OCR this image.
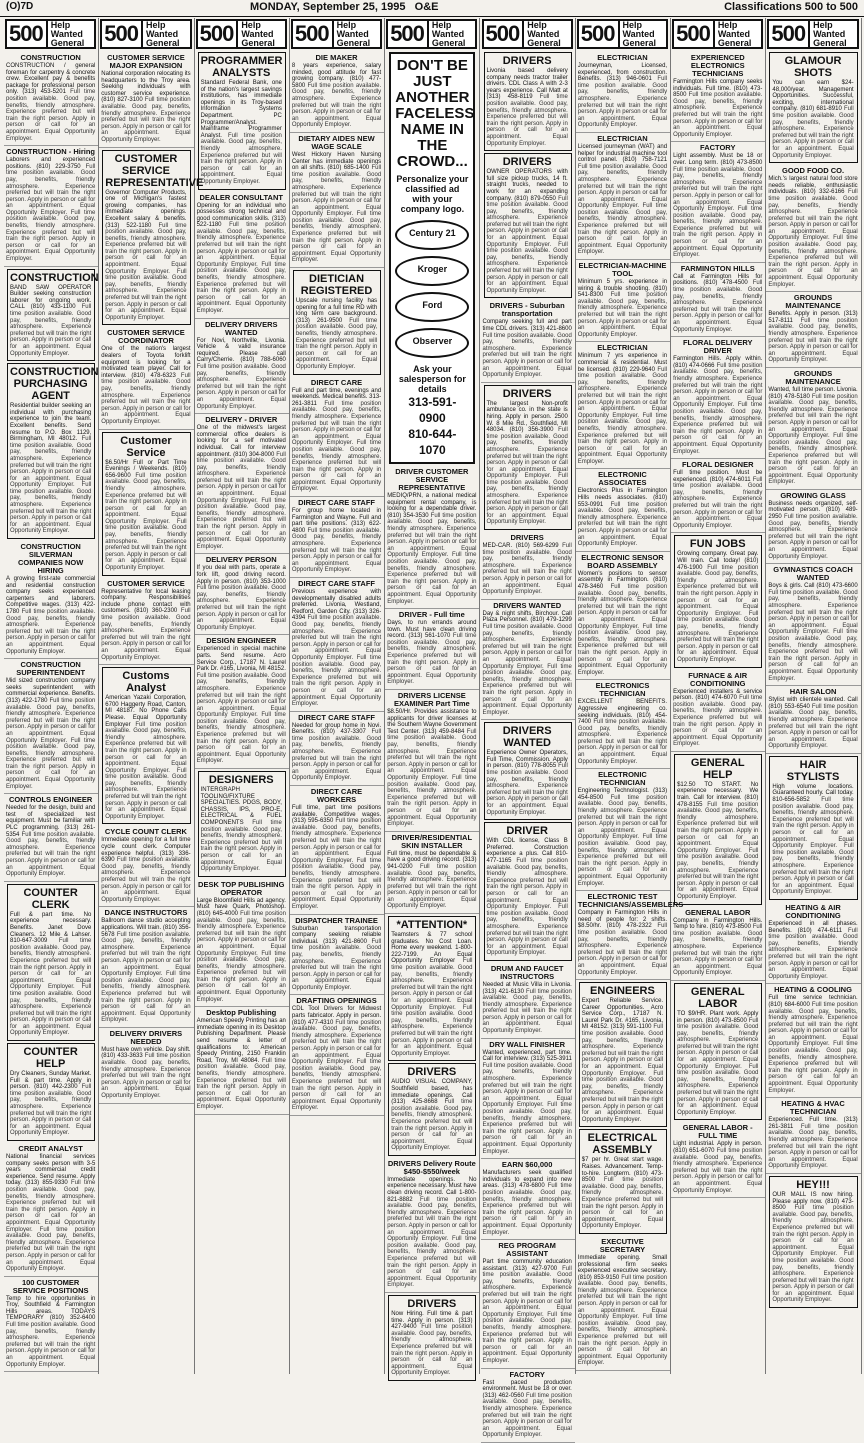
(O)7D	MONDAY, September 25, 1995 O&E	Classifications 500 to 500
500 Help Wanted
General
CONSTRUCTION
CONSTRUCTION / general foreman for carpentry & concrete crew. Excellent pay & benefits package for professional person only. (313) 453-5201 Full time position available. Good pay, benefits, friendly atmosphere. Experience preferred but will train the right person. Apply in person or call for an appointment. Equal Opportunity Employer.
CONSTRUCTION - Hiring
Laborers and experienced positions. (810) 229-3750 Full time position available. Good pay, benefits, friendly atmosphere. Experience preferred but will train the right person. Apply in person or call for an appointment. Equal Opportunity Employer. Full time position available. Good pay, benefits, friendly atmosphere. Experience preferred but will train the right person. Apply in person or call for an appointment. Equal Opportunity Employer.
CONSTRUCTION
BAND SAW OPERATOR Builder seeking construction laborer for ongoing work. CALL (810) 433-1100 Full time position available. Good pay, benefits, friendly atmosphere. Experience preferred but will train the right person. Apply in person or call for an appointment. Equal Opportunity Employer.
CONSTRUCTION PURCHASING AGENT
Residential builder seeking an individual with purchasing experience to join the team. Excellent benefits. Send resume to P.O. Box 1129, Birmingham, MI 48012. Full time position available. Good pay, benefits, friendly atmosphere. Experience preferred but will train the right person. Apply in person or call for an appointment. Equal Opportunity Employer. Full time position available. Good pay, benefits, friendly atmosphere. Experience preferred but will train the right person. Apply in person or call for an appointment. Equal Opportunity Employer.
CONSTRUCTION SILVERMAN COMPANIES NOW HIRING
A growing first-rate commercial and residential construction company seeks experienced carpenters and laborers. Competitive wages. (313) 422-1780 Full time position available. Good pay, benefits, friendly atmosphere. Experience preferred but will train the right person. Apply in person or call for an appointment. Equal Opportunity Employer.
CONSTRUCTION SUPERINTENDENT
Mid sized construction company seeks superintendent with commercial experience. Benefits. (313) 422-1780 Full time position available. Good pay, benefits, friendly atmosphere. Experience preferred but will train the right person. Apply in person or call for an appointment. Equal Opportunity Employer. Full time position available. Good pay, benefits, friendly atmosphere. Experience preferred but will train the right person. Apply in person or call for an appointment. Equal Opportunity Employer.
CONTROLS ENGINEER
Needed for the design, build and test of specialized test equipment. Must be familiar with PLC programming. (313) 261-5354 Full time position available. Good pay, benefits, friendly atmosphere. Experience preferred but will train the right person. Apply in person or call for an appointment. Equal Opportunity Employer.
COUNTER CLERK
Full & part time. No experience necessary. Benefits. Janet Dove Cleaners. 12 Mile & Lahser. 810-647-3009 Full time position available. Good pay, benefits, friendly atmosphere. Experience preferred but will train the right person. Apply in person or call for an appointment. Equal Opportunity Employer. Full time position available. Good pay, benefits, friendly atmosphere. Experience preferred but will train the right person. Apply in person or call for an appointment. Equal Opportunity Employer.
COUNTER HELP
Dry Cleaners, Sunday Market. Full & part time. Apply in person. (810) 442-2300 Full time position available. Good pay, benefits, friendly atmosphere. Experience preferred but will train the right person. Apply in person or call for an appointment. Equal Opportunity Employer.
CREDIT ANALYST
National financial services company seeks person with 3-5 years commercial credit experience. Send resume. Apply today. (313) 855-9330 Full time position available. Good pay, benefits, friendly atmosphere. Experience preferred but will train the right person. Apply in person or call for an appointment. Equal Opportunity Employer. Full time position available. Good pay, benefits, friendly atmosphere. Experience preferred but will train the right person. Apply in person or call for an appointment. Equal Opportunity Employer.
100 CUSTOMER SERVICE POSITIONS
Temp to hire opportunities in Troy, Southfield & Farmington Hills areas. TODAYS TEMPORARY (810) 352-6400 Full time position available. Good pay, benefits, friendly atmosphere. Experience preferred but will train the right person. Apply in person or call for an appointment. Equal Opportunity Employer.
500 Help Wanted
General
CUSTOMER SERVICE MAJOR EXPANSION
National corporation relocating its headquarters to the Troy area. Seeking individuals with customer service experience. (810) 827-3100 Full time position available. Good pay, benefits, friendly atmosphere. Experience preferred but will train the right person. Apply in person or call for an appointment. Equal Opportunity Employer.
CUSTOMER SERVICE REPRESENTATIVE
Governor Computer Products, one of Michigan's fastest growing companies, has immediate openings. Excellent salary & benefits. (313) 522-1180 Full time position available. Good pay, benefits, friendly atmosphere. Experience preferred but will train the right person. Apply in person or call for an appointment. Equal Opportunity Employer. Full time position available. Good pay, benefits, friendly atmosphere. Experience preferred but will train the right person. Apply in person or call for an appointment. Equal Opportunity Employer.
CUSTOMER SERVICE COORDINATOR
One of the nation's largest dealers of Toyota forklift equipment is looking for a motivated team player. Call for interview. (810) 478-6323 Full time position available. Good pay, benefits, friendly atmosphere. Experience preferred but will train the right person. Apply in person or call for an appointment. Equal Opportunity Employer.
Customer Service
$6.50/Hr Full or Part Time Evenings / Weekends. (810) 656-9600 Full time position available. Good pay, benefits, friendly atmosphere. Experience preferred but will train the right person. Apply in person or call for an appointment. Equal Opportunity Employer. Full time position available. Good pay, benefits, friendly atmosphere. Experience preferred but will train the right person. Apply in person or call for an appointment. Equal Opportunity Employer.
CUSTOMER SERVICE
Representative for local leasing company. Responsibilities include phone contact with customers. (810) 360-2300 Full time position available. Good pay, benefits, friendly atmosphere. Experience preferred but will train the right person. Apply in person or call for an appointment. Equal Opportunity Employer.
Customs Analyst
American Yazaki Corporation, 6700 Haggerty Road, Canton, MI 48187. No Phone Calls Please. Equal Opportunity Employer Full time position available. Good pay, benefits, friendly atmosphere. Experience preferred but will train the right person. Apply in person or call for an appointment. Equal Opportunity Employer. Full time position available. Good pay, benefits, friendly atmosphere. Experience preferred but will train the right person. Apply in person or call for an appointment. Equal Opportunity Employer.
CYCLE COUNT CLERK
Immediate opening for a full time cycle count clerk. Computer experience helpful. (313) 336-6390 Full time position available. Good pay, benefits, friendly atmosphere. Experience preferred but will train the right person. Apply in person or call for an appointment. Equal Opportunity Employer.
DANCE INSTRUCTORS
Ballroom dance studio accepting applications. Will train. (810) 356-5678 Full time position available. Good pay, benefits, friendly atmosphere. Experience preferred but will train the right person. Apply in person or call for an appointment. Equal Opportunity Employer. Full time position available. Good pay, benefits, friendly atmosphere. Experience preferred but will train the right person. Apply in person or call for an appointment. Equal Opportunity Employer.
DELIVERY DRIVERS NEEDED
Must have own vehicle. Day shift. (810) 433-3633 Full time position available. Good pay, benefits, friendly atmosphere. Experience preferred but will train the right person. Apply in person or call for an appointment. Equal Opportunity Employer.
500 Help Wanted
General
PROGRAMMER ANALYSTS
Standard Federal Bank, one of the nation's largest savings institutions, has immediate openings in its Troy-based Information Systems Department. PC Programmer/Analyst. Mainframe Programmer Analyst. Full time position available. Good pay, benefits, friendly atmosphere. Experience preferred but will train the right person. Apply in person or call for an appointment. Equal Opportunity Employer.
DEALER CONSULTANT
Opening for an individual who possesses strong technical and good communication skills. (313) 522-1180 Full time position available. Good pay, benefits, friendly atmosphere. Experience preferred but will train the right person. Apply in person or call for an appointment. Equal Opportunity Employer. Full time position available. Good pay, benefits, friendly atmosphere. Experience preferred but will train the right person. Apply in person or call for an appointment. Equal Opportunity Employer.
DELIVERY DRIVERS WANTED
For Novi, Northville, Livonia. Vehicle & valid insurance required. Please call Carry/Cherrie. (810) 788-6060 Full time position available. Good pay, benefits, friendly atmosphere. Experience preferred but will train the right person. Apply in person or call for an appointment. Equal Opportunity Employer.
DELIVERY - DRIVER
One of the midwest's largest commercial office dealers is looking for a self motivated individual. Call for interview appointment. (810) 304-8000 Full time position available. Good pay, benefits, friendly atmosphere. Experience preferred but will train the right person. Apply in person or call for an appointment. Equal Opportunity Employer. Full time position available. Good pay, benefits, friendly atmosphere. Experience preferred but will train the right person. Apply in person or call for an appointment. Equal Opportunity Employer.
DELIVERY PERSON
If you deal with parts, operate a fork lift, good driving record. Apply in person. (810) 353-1000 Full time position available. Good pay, benefits, friendly atmosphere. Experience preferred but will train the right person. Apply in person or call for an appointment. Equal Opportunity Employer.
DESIGN ENGINEER
Experienced in special machine parts. Send resume. Acro Service Corp., 17187 N. Laurel Park Dr. #165, Livonia, MI 48152. Full time position available. Good pay, benefits, friendly atmosphere. Experience preferred but will train the right person. Apply in person or call for an appointment. Equal Opportunity Employer. Full time position available. Good pay, benefits, friendly atmosphere. Experience preferred but will train the right person. Apply in person or call for an appointment. Equal Opportunity Employer.
DESIGNERS
INTERGRAPH TOOLING/FIXTURE SPECIALTIES. PDGS, BODY, CHASSIS, IPS, PRO-E, ELECTRICAL & FUEL COMPONENTS Full time position available. Good pay, benefits, friendly atmosphere. Experience preferred but will train the right person. Apply in person or call for an appointment. Equal Opportunity Employer.
DESK TOP PUBLISHING OPERATOR
Large Bloomfield Hills ad agency. Must have Quark, Photoshop. (810) 645-4000 Full time position available. Good pay, benefits, friendly atmosphere. Experience preferred but will train the right person. Apply in person or call for an appointment. Equal Opportunity Employer. Full time position available. Good pay, benefits, friendly atmosphere. Experience preferred but will train the right person. Apply in person or call for an appointment. Equal Opportunity Employer.
Desktop Publishing
American Speedy Printing has an immediate opening in its Desktop Publishing Department. Please send resume & letter of qualifications to: American Speedy Printing, 2150 Franklin Road, Troy, MI 48084. Full time position available. Good pay, benefits, friendly atmosphere. Experience preferred but will train the right person. Apply in person or call for an appointment. Equal Opportunity Employer.
500 Help Wanted
General
DIE MAKER
8 years experience, salary minded, good attitude for fast growing company. (810) 477-5800 Full time position available. Good pay, benefits, friendly atmosphere. Experience preferred but will train the right person. Apply in person or call for an appointment. Equal Opportunity Employer.
DIETARY AIDES NEW WAGE SCALE
West Hickory Haven Nursing Center has immediate openings on all shifts. (810) 685-1400 Full time position available. Good pay, benefits, friendly atmosphere. Experience preferred but will train the right person. Apply in person or call for an appointment. Equal Opportunity Employer. Full time position available. Good pay, benefits, friendly atmosphere. Experience preferred but will train the right person. Apply in person or call for an appointment. Equal Opportunity Employer.
DIETICIAN REGISTERED
Upscale nursing facility has opening for a full time RD with long term care background. (313) 261-9500 Full time position available. Good pay, benefits, friendly atmosphere. Experience preferred but will train the right person. Apply in person or call for an appointment. Equal Opportunity Employer.
DIRECT CARE
Full and part time, evenings and weekends. Medical benefits. 313-261-3811 Full time position available. Good pay, benefits, friendly atmosphere. Experience preferred but will train the right person. Apply in person or call for an appointment. Equal Opportunity Employer. Full time position available. Good pay, benefits, friendly atmosphere. Experience preferred but will train the right person. Apply in person or call for an appointment. Equal Opportunity Employer.
DIRECT CARE STAFF
For group home located in Farmington and Wayne. Full and part time positions. (313) 622-4800 Full time position available. Good pay, benefits, friendly atmosphere. Experience preferred but will train the right person. Apply in person or call for an appointment. Equal Opportunity Employer.
DIRECT CARE STAFF
Previous experience with developmentally disabled adults preferred. Livonia, Westland, Redford, Garden City. (313) 326-4394 Full time position available. Good pay, benefits, friendly atmosphere. Experience preferred but will train the right person. Apply in person or call for an appointment. Equal Opportunity Employer. Full time position available. Good pay, benefits, friendly atmosphere. Experience preferred but will train the right person. Apply in person or call for an appointment. Equal Opportunity Employer.
DIRECT CARE STAFF
Needed for group home in Novi. Benefits. (810) 437-3307 Full time position available. Good pay, benefits, friendly atmosphere. Experience preferred but will train the right person. Apply in person or call for an appointment. Equal Opportunity Employer.
DIRECT CARE WORKERS
Full time, part time positions available. Competitive wages. (313) 595-6350 Full time position available. Good pay, benefits, friendly atmosphere. Experience preferred but will train the right person. Apply in person or call for an appointment. Equal Opportunity Employer. Full time position available. Good pay, benefits, friendly atmosphere. Experience preferred but will train the right person. Apply in person or call for an appointment. Equal Opportunity Employer.
DISPATCHER TRAINEE
Suburban transportation company seeking reliable individual. (313) 421-8600 Full time position available. Good pay, benefits, friendly atmosphere. Experience preferred but will train the right person. Apply in person or call for an appointment. Equal Opportunity Employer.
DRAFTING OPENINGS
CDL Tool Drivers for Midwest parts fabricator. Apply in person. (810) 477-4310 Full time position available. Good pay, benefits, friendly atmosphere. Experience preferred but will train the right person. Apply in person or call for an appointment. Equal Opportunity Employer. Full time position available. Good pay, benefits, friendly atmosphere. Experience preferred but will train the right person. Apply in person or call for an appointment. Equal Opportunity Employer.
500 Help Wanted
General
DON'T BE JUST ANOTHER FACELESS NAME IN THE CROWD...
Personalize your classified ad with your company logo.
Century 21
Kroger
Ford
Observer
Ask your salesperson for details
313-591-0900
810-644-1070
DRIVER CUSTOMER SERVICE REPRESENTATIVE
MEDIQ/PRN, a national medical equipment rental company, is looking for a dependable driver. (810) 354-3530 Full time position available. Good pay, benefits, friendly atmosphere. Experience preferred but will train the right person. Apply in person or call for an appointment. Equal Opportunity Employer. Full time position available. Good pay, benefits, friendly atmosphere. Experience preferred but will train the right person. Apply in person or call for an appointment. Equal Opportunity Employer.
DRIVER - Full time
Days, to run errands around town. Must have clean driving record. (313) 561-1070 Full time position available. Good pay, benefits, friendly atmosphere. Experience preferred but will train the right person. Apply in person or call for an appointment. Equal Opportunity Employer.
DRIVERS LICENSE EXAMINER Part Time
$8.50/Hr. Provides assistance to applicants for driver licenses at the Southern Wayne Government Test Center. (313) 459-8484 Full time position available. Good pay, benefits, friendly atmosphere. Experience preferred but will train the right person. Apply in person or call for an appointment. Equal Opportunity Employer. Full time position available. Good pay, benefits, friendly atmosphere. Experience preferred but will train the right person. Apply in person or call for an appointment. Equal Opportunity Employer.
DRIVER/RESIDENTIAL SKIN INSTALLER
Full time, must be dependable & have a good driving record. (313) 941-0200 Full time position available. Good pay, benefits, friendly atmosphere. Experience preferred but will train the right person. Apply in person or call for an appointment. Equal Opportunity Employer.
*ATTENTION*
Teamsters & 77 school graduates. No Cost Loan. Home every weekend. 1-800-222-7199. An Equal Opportunity Employer Full time position available. Good pay, benefits, friendly atmosphere. Experience preferred but will train the right person. Apply in person or call for an appointment. Equal Opportunity Employer. Full time position available. Good pay, benefits, friendly atmosphere. Experience preferred but will train the right person. Apply in person or call for an appointment. Equal Opportunity Employer.
DRIVERS
AUDIO VISUAL COMPANY, Southfield based, has immediate openings. Call (313) 425-8668 Full time position available. Good pay, benefits, friendly atmosphere. Experience preferred but will train the right person. Apply in person or call for an appointment. Equal Opportunity Employer.
DRIVERS Delivery Route $450-$550/week
Immediate openings. No experience necessary. Must have clean driving record. Call 1-800-821-8882 Full time position available. Good pay, benefits, friendly atmosphere. Experience preferred but will train the right person. Apply in person or call for an appointment. Equal Opportunity Employer. Full time position available. Good pay, benefits, friendly atmosphere. Experience preferred but will train the right person. Apply in person or call for an appointment. Equal Opportunity Employer.
DRIVERS
Now Hiring. Full time & part time. Apply in person. (313) 427-9400 Full time position available. Good pay, benefits, friendly atmosphere. Experience preferred but will train the right person. Apply in person or call for an appointment. Equal Opportunity Employer.
500 Help Wanted
General
DRIVERS
Livonia based delivery company needs tractor trailer drivers. CDL Class A with 2-3 years experience. Call Matt at (313) 458-8119 Full time position available. Good pay, benefits, friendly atmosphere. Experience preferred but will train the right person. Apply in person or call for an appointment. Equal Opportunity Employer.
DRIVERS
OWNER OPERATORS with full size pickup trucks, 14 ft. straight trucks, needed to work for an expanding company. (810) 879-0550 Full time position available. Good pay, benefits, friendly atmosphere. Experience preferred but will train the right person. Apply in person or call for an appointment. Equal Opportunity Employer. Full time position available. Good pay, benefits, friendly atmosphere. Experience preferred but will train the right person. Apply in person or call for an appointment. Equal Opportunity Employer.
DRIVERS - Suburban transportation
Company seeking full and part time CDL drivers. (313) 421-8600 Full time position available. Good pay, benefits, friendly atmosphere. Experience preferred but will train the right person. Apply in person or call for an appointment. Equal Opportunity Employer.
DRIVERS
The largest Non-profit ambulance co. in the state is hiring. Apply in person. 2500 W. 8 Mile Rd., Southfield, MI 48034. (810) 356-3900 Full time position available. Good pay, benefits, friendly atmosphere. Experience preferred but will train the right person. Apply in person or call for an appointment. Equal Opportunity Employer. Full time position available. Good pay, benefits, friendly atmosphere. Experience preferred but will train the right person. Apply in person or call for an appointment. Equal Opportunity Employer.
DRIVERS
MED-CAR. (810) 569-6299 Full time position available. Good pay, benefits, friendly atmosphere. Experience preferred but will train the right person. Apply in person or call for an appointment. Equal Opportunity Employer.
DRIVERS WANTED
Day & night shifts, Birchour. Call Plaza Personnel. (810) 479-1299 Full time position available. Good pay, benefits, friendly atmosphere. Experience preferred but will train the right person. Apply in person or call for an appointment. Equal Opportunity Employer. Full time position available. Good pay, benefits, friendly atmosphere. Experience preferred but will train the right person. Apply in person or call for an appointment. Equal Opportunity Employer.
DRIVERS WANTED
Experience Owner Operators, Full Time, Commission. Apply in person. (810) 778-8055 Full time position available. Good pay, benefits, friendly atmosphere. Experience preferred but will train the right person. Apply in person or call for an appointment. Equal Opportunity Employer.
DRIVER
With CDL license, Class B Preferred. Construction experience a plus. Call 810-477-1165 Full time position available. Good pay, benefits, friendly atmosphere. Experience preferred but will train the right person. Apply in person or call for an appointment. Equal Opportunity Employer. Full time position available. Good pay, benefits, friendly atmosphere. Experience preferred but will train the right person. Apply in person or call for an appointment. Equal Opportunity Employer.
DRUM AND FAUCET INSTRUCTORS
Needed at Music Villa in Livonia. (313) 421-6130 Full time position available. Good pay, benefits, friendly atmosphere. Experience preferred but will train the right person. Apply in person or call for an appointment. Equal Opportunity Employer.
DRY WALL FINISHER
Wanted, experienced, part time. Call for interview. (313) 525-3911 Full time position available. Good pay, benefits, friendly atmosphere. Experience preferred but will train the right person. Apply in person or call for an appointment. Equal Opportunity Employer. Full time position available. Good pay, benefits, friendly atmosphere. Experience preferred but will train the right person. Apply in person or call for an appointment. Equal Opportunity Employer.
EARN $60,000
Manufacturers seek qualified individuals to expand into new areas. (313) 478-6800 Full time position available. Good pay, benefits, friendly atmosphere. Experience preferred but will train the right person. Apply in person or call for an appointment. Equal Opportunity Employer.
REG PROGRAM ASSISTANT
Part time community education assistant. (313) 427-9700 Full time position available. Good pay, benefits, friendly atmosphere. Experience preferred but will train the right person. Apply in person or call for an appointment. Equal Opportunity Employer. Full time position available. Good pay, benefits, friendly atmosphere. Experience preferred but will train the right person. Apply in person or call for an appointment. Equal Opportunity Employer.
FACTORY
Fast paced production environment. Must be 18 or over. (313) 462-0560 Full time position available. Good pay, benefits, friendly atmosphere. Experience preferred but will train the right person. Apply in person or call for an appointment. Equal Opportunity Employer.
500 Help Wanted
General
ELECTRICIAN
Journeyman, Licensed, experienced, from construction. Benefits. (313) 946-0601 Full time position available. Good pay, benefits, friendly atmosphere. Experience preferred but will train the right person. Apply in person or call for an appointment. Equal Opportunity Employer.
ELECTRICIAN
Licensed journeyman (WAT) and helper for industrial machine tool control panel. (810) 758-7121 Full time position available. Good pay, benefits, friendly atmosphere. Experience preferred but will train the right person. Apply in person or call for an appointment. Equal Opportunity Employer. Full time position available. Good pay, benefits, friendly atmosphere. Experience preferred but will train the right person. Apply in person or call for an appointment. Equal Opportunity Employer.
ELECTRICIAN-MACHINE TOOL
Minimum 5 yrs. experience in wiring & trouble shooting. (810) 541-8300 Full time position available. Good pay, benefits, friendly atmosphere. Experience preferred but will train the right person. Apply in person or call for an appointment. Equal Opportunity Employer.
ELECTRICIAN
Minimum 7 yrs experience in commercial & residential. Must be licensed. (810) 229-9640 Full time position available. Good pay, benefits, friendly atmosphere. Experience preferred but will train the right person. Apply in person or call for an appointment. Equal Opportunity Employer. Full time position available. Good pay, benefits, friendly atmosphere. Experience preferred but will train the right person. Apply in person or call for an appointment. Equal Opportunity Employer.
ELECTRONIC ASSOCIATES
Electronics Plus in Farmington Hills needs associates. (810) 553-0991 Full time position available. Good pay, benefits, friendly atmosphere. Experience preferred but will train the right person. Apply in person or call for an appointment. Equal Opportunity Employer.
ELECTRONIC SENSOR BOARD ASSEMBLY
Women's positions to sensor assembly in Farmington. (810) 478-3460 Full time position available. Good pay, benefits, friendly atmosphere. Experience preferred but will train the right person. Apply in person or call for an appointment. Equal Opportunity Employer. Full time position available. Good pay, benefits, friendly atmosphere. Experience preferred but will train the right person. Apply in person or call for an appointment. Equal Opportunity Employer.
ELECTRONICS TECHNICIAN
EXCELLENT BENEFITS. Aggressive engineering co. seeking individuals. (810) 454-7400 Full time position available. Good pay, benefits, friendly atmosphere. Experience preferred but will train the right person. Apply in person or call for an appointment. Equal Opportunity Employer.
ELECTRONIC TECHNICIAN
Engineering Technologist. (313) 454-8500 Full time position available. Good pay, benefits, friendly atmosphere. Experience preferred but will train the right person. Apply in person or call for an appointment. Equal Opportunity Employer. Full time position available. Good pay, benefits, friendly atmosphere. Experience preferred but will train the right person. Apply in person or call for an appointment. Equal Opportunity Employer.
ELECTRONIC TEST TECHNICIANS/ASSEMBLERS
Company in Farmington Hills in need of people for: 2 shifts. $8.50/hr. (810) 478-2322 Full time position available. Good pay, benefits, friendly atmosphere. Experience preferred but will train the right person. Apply in person or call for an appointment. Equal Opportunity Employer.
ENGINEERS
Expert Reliable Service. Career Opportunities. Acro Service Corp., 17187 N. Laurel Park Dr. #165, Livonia, MI 48152. (313) 591-1100 Full time position available. Good pay, benefits, friendly atmosphere. Experience preferred but will train the right person. Apply in person or call for an appointment. Equal Opportunity Employer. Full time position available. Good pay, benefits, friendly atmosphere. Experience preferred but will train the right person. Apply in person or call for an appointment. Equal Opportunity Employer.
ELECTRICAL ASSEMBLY
$7 per hr. Great start wage. Raises. Advancement. Temp-to-hire. Longterm. (810) 473-8500 Full time position available. Good pay, benefits, friendly atmosphere. Experience preferred but will train the right person. Apply in person or call for an appointment. Equal Opportunity Employer.
EXECUTIVE SECRETARY
Immediate opening. Small professional firm seeks experienced executive secretary. (810) 853-9150 Full time position available. Good pay, benefits, friendly atmosphere. Experience preferred but will train the right person. Apply in person or call for an appointment. Equal Opportunity Employer. Full time position available. Good pay, benefits, friendly atmosphere. Experience preferred but will train the right person. Apply in person or call for an appointment. Equal Opportunity Employer.
500 Help Wanted
General
EXPERIENCED ELECTRONICS TECHNICIANS
Farmington Hills company seeks individuals. Full time. (810) 473-8500 Full time position available. Good pay, benefits, friendly atmosphere. Experience preferred but will train the right person. Apply in person or call for an appointment. Equal Opportunity Employer.
FACTORY
Light assembly. Must be 18 or over. Long term. (810) 473-8500 Full time position available. Good pay, benefits, friendly atmosphere. Experience preferred but will train the right person. Apply in person or call for an appointment. Equal Opportunity Employer. Full time position available. Good pay, benefits, friendly atmosphere. Experience preferred but will train the right person. Apply in person or call for an appointment. Equal Opportunity Employer.
FARMINGTON HILLS
Call at Farmington Hills for positions. (810) 478-4500 Full time position available. Good pay, benefits, friendly atmosphere. Experience preferred but will train the right person. Apply in person or call for an appointment. Equal Opportunity Employer.
FLORAL DELIVERY DRIVER
Farmington Hills. Apply within. (810) 474-0666 Full time position available. Good pay, benefits, friendly atmosphere. Experience preferred but will train the right person. Apply in person or call for an appointment. Equal Opportunity Employer. Full time position available. Good pay, benefits, friendly atmosphere. Experience preferred but will train the right person. Apply in person or call for an appointment. Equal Opportunity Employer.
FLORAL DESIGNER
Full time position. Must be experienced. (810) 474-6011 Full time position available. Good pay, benefits, friendly atmosphere. Experience preferred but will train the right person. Apply in person or call for an appointment. Equal Opportunity Employer.
FUN JOBS
Growing company. Great pay. Will train. Call today! (810) 476-1900 Full time position available. Good pay, benefits, friendly atmosphere. Experience preferred but will train the right person. Apply in person or call for an appointment. Equal Opportunity Employer. Full time position available. Good pay, benefits, friendly atmosphere. Experience preferred but will train the right person. Apply in person or call for an appointment. Equal Opportunity Employer.
FURNACE & AIR CONDITIONING
Experienced installers & service person. (810) 474-6070 Full time position available. Good pay, benefits, friendly atmosphere. Experience preferred but will train the right person. Apply in person or call for an appointment. Equal Opportunity Employer.
GENERAL HELP
$12.50 TO START. No experience necessary. We train. Call for interview. (810) 478-8155 Full time position available. Good pay, benefits, friendly atmosphere. Experience preferred but will train the right person. Apply in person or call for an appointment. Equal Opportunity Employer. Full time position available. Good pay, benefits, friendly atmosphere. Experience preferred but will train the right person. Apply in person or call for an appointment. Equal Opportunity Employer.
GENERAL LABOR
Company in Farmington Hills. Temp to hire. (810) 473-8500 Full time position available. Good pay, benefits, friendly atmosphere. Experience preferred but will train the right person. Apply in person or call for an appointment. Equal Opportunity Employer.
GENERAL LABOR
TO $9/HR. Plant work. Apply in person. (810) 473-8500 Full time position available. Good pay, benefits, friendly atmosphere. Experience preferred but will train the right person. Apply in person or call for an appointment. Equal Opportunity Employer. Full time position available. Good pay, benefits, friendly atmosphere. Experience preferred but will train the right person. Apply in person or call for an appointment. Equal Opportunity Employer.
GENERAL LABOR - FULL TIME
Light industrial. Apply in person. (810) 651-6070 Full time position available. Good pay, benefits, friendly atmosphere. Experience preferred but will train the right person. Apply in person or call for an appointment. Equal Opportunity Employer.
500 Help Wanted
General
GLAMOUR SHOTS
You can earn $24-48,000/year. Management Opportunities. Successful, exciting, international company. (810) 681-8910 Full time position available. Good pay, benefits, friendly atmosphere. Experience preferred but will train the right person. Apply in person or call for an appointment. Equal Opportunity Employer.
GOOD FOOD CO.
Mich.'s largest natural food store needs reliable, enthusiastic individuals. (810) 332-6166 Full time position available. Good pay, benefits, friendly atmosphere. Experience preferred but will train the right person. Apply in person or call for an appointment. Equal Opportunity Employer. Full time position available. Good pay, benefits, friendly atmosphere. Experience preferred but will train the right person. Apply in person or call for an appointment. Equal Opportunity Employer.
GROUNDS MAINTENANCE
Benefits. Apply in person. (313) 517-8111 Full time position available. Good pay, benefits, friendly atmosphere. Experience preferred but will train the right person. Apply in person or call for an appointment. Equal Opportunity Employer.
GROUNDS MAINTENANCE
Wanted, full time person. Livonia. (810) 478-5180 Full time position available. Good pay, benefits, friendly atmosphere. Experience preferred but will train the right person. Apply in person or call for an appointment. Equal Opportunity Employer. Full time position available. Good pay, benefits, friendly atmosphere. Experience preferred but will train the right person. Apply in person or call for an appointment. Equal Opportunity Employer.
GROWING GLASS
Business needs organized, self-motivated person. (810) 489-2950 Full time position available. Good pay, benefits, friendly atmosphere. Experience preferred but will train the right person. Apply in person or call for an appointment. Equal Opportunity Employer.
GYMNASTICS COACH WANTED
Boys & girls. Call (810) 473-6600 Full time position available. Good pay, benefits, friendly atmosphere. Experience preferred but will train the right person. Apply in person or call for an appointment. Equal Opportunity Employer. Full time position available. Good pay, benefits, friendly atmosphere. Experience preferred but will train the right person. Apply in person or call for an appointment. Equal Opportunity Employer.
HAIR SALON
Stylist with clientele wanted. Call (810) 553-6540 Full time position available. Good pay, benefits, friendly atmosphere. Experience preferred but will train the right person. Apply in person or call for an appointment. Equal Opportunity Employer.
HAIR STYLISTS
High volume locations. Guaranteed hourly. Call today. 810-656-5852 Full time position available. Good pay, benefits, friendly atmosphere. Experience preferred but will train the right person. Apply in person or call for an appointment. Equal Opportunity Employer. Full time position available. Good pay, benefits, friendly atmosphere. Experience preferred but will train the right person. Apply in person or call for an appointment. Equal Opportunity Employer.
HEATING & AIR CONDITIONING
Experienced in all phases. Benefits. (810) 474-6111 Full time position available. Good pay, benefits, friendly atmosphere. Experience preferred but will train the right person. Apply in person or call for an appointment. Equal Opportunity Employer.
HEATING & COOLING
Full time service technician. (810) 684-6000 Full time position available. Good pay, benefits, friendly atmosphere. Experience preferred but will train the right person. Apply in person or call for an appointment. Equal Opportunity Employer. Full time position available. Good pay, benefits, friendly atmosphere. Experience preferred but will train the right person. Apply in person or call for an appointment. Equal Opportunity Employer.
HEATING & HVAC TECHNICIAN
Experienced. Full time. (313) 261-3811 Full time position available. Good pay, benefits, friendly atmosphere. Experience preferred but will train the right person. Apply in person or call for an appointment. Equal Opportunity Employer.
HEY!!!
OUR MALL IS now hiring. Please apply now. (810) 473-8500 Full time position available. Good pay, benefits, friendly atmosphere. Experience preferred but will train the right person. Apply in person or call for an appointment. Equal Opportunity Employer. Full time position available. Good pay, benefits, friendly atmosphere. Experience preferred but will train the right person. Apply in person or call for an appointment. Equal Opportunity Employer.
